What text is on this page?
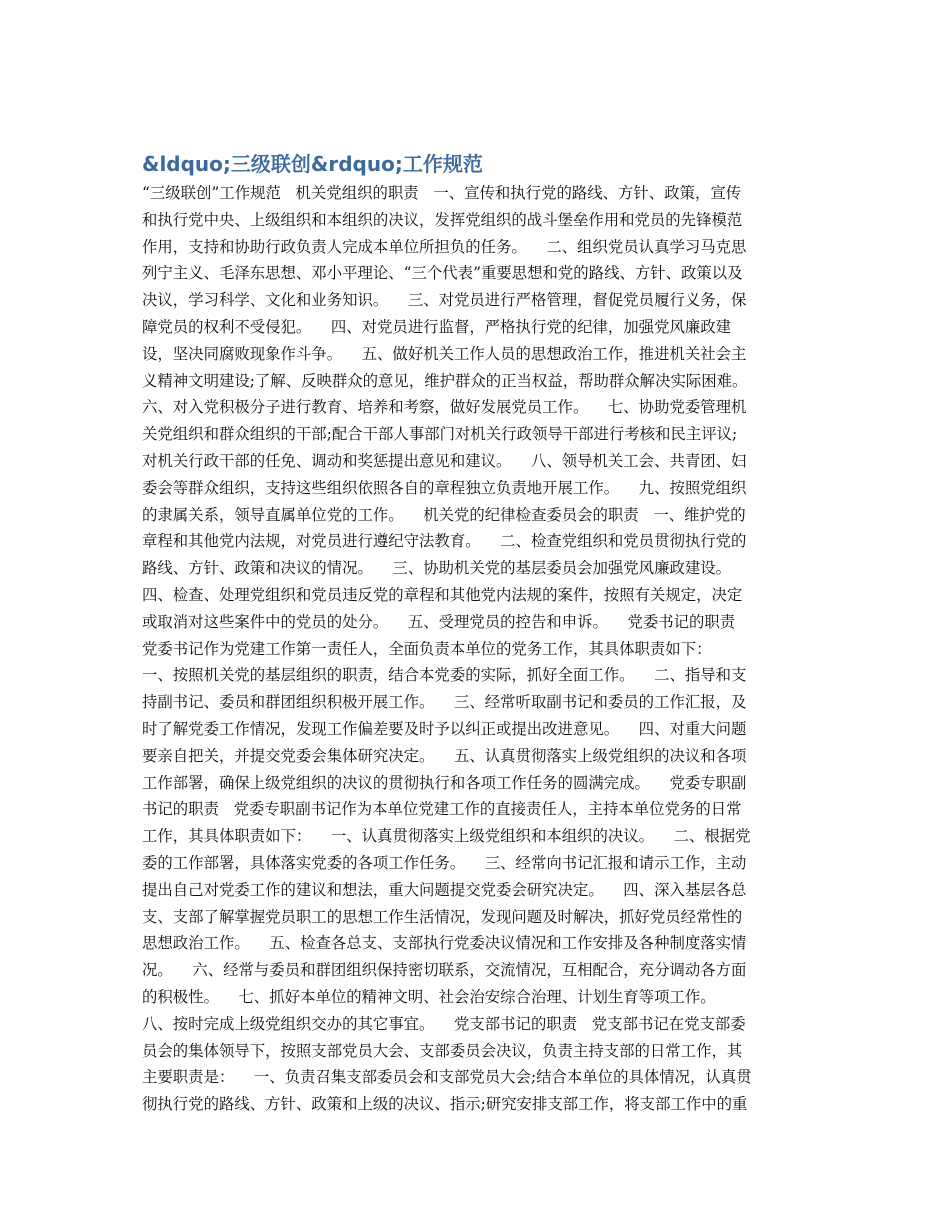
&ldquo;三级联创&rdquo;工作规范
“三级联创”工作规范   机关党组织的职责   一、宣传和执行党的路线、方针、政策，宣传
和执行党中央、上级组织和本组织的决议，发挥党组织的战斗堡垒作用和党员的先锋模范
作用，支持和协助行政负责人完成本单位所担负的任务。    二、组织党员认真学习马克思
列宁主义、毛泽东思想、邓小平理论、“三个代表”重要思想和党的路线、方针、政策以及
决议，学习科学、文化和业务知识。    三、对党员进行严格管理，督促党员履行义务，保
障党员的权利不受侵犯。    四、对党员进行监督，严格执行党的纪律，加强党风廉政建
设，坚决同腐败现象作斗争。    五、做好机关工作人员的思想政治工作，推进机关社会主
义精神文明建设;了解、反映群众的意见，维护群众的正当权益，帮助群众解决实际困难。
六、对入党积极分子进行教育、培养和考察，做好发展党员工作。    七、协助党委管理机
关党组织和群众组织的干部;配合干部人事部门对机关行政领导干部进行考核和民主评议;
对机关行政干部的任免、调动和奖惩提出意见和建议。    八、领导机关工会、共青团、妇
委会等群众组织，支持这些组织依照各自的章程独立负责地开展工作。    九、按照党组织
的隶属关系，领导直属单位党的工作。    机关党的纪律检查委员会的职责   一、维护党的
章程和其他党内法规，对党员进行遵纪守法教育。    二、检查党组织和党员贯彻执行党的
路线、方针、政策和决议的情况。    三、协助机关党的基层委员会加强党风廉政建设。
四、检查、处理党组织和党员违反党的章程和其他党内法规的案件，按照有关规定，决定
或取消对这些案件中的党员的处分。    五、受理党员的控告和申诉。    党委书记的职责
党委书记作为党建工作第一责任人，全面负责本单位的党务工作，其具体职责如下：
一、按照机关党的基层组织的职责，结合本党委的实际，抓好全面工作。    二、指导和支
持副书记、委员和群团组织积极开展工作。    三、经常听取副书记和委员的工作汇报，及
时了解党委工作情况，发现工作偏差要及时予以纠正或提出改进意见。    四、对重大问题
要亲自把关，并提交党委会集体研究决定。    五、认真贯彻落实上级党组织的决议和各项
工作部署，确保上级党组织的决议的贯彻执行和各项工作任务的圆满完成。    党委专职副
书记的职责   党委专职副书记作为本单位党建工作的直接责任人，主持本单位党务的日常
工作，其具体职责如下：    一、认真贯彻落实上级党组织和本组织的决议。    二、根据党
委的工作部署，具体落实党委的各项工作任务。    三、经常向书记汇报和请示工作，主动
提出自己对党委工作的建议和想法，重大问题提交党委会研究决定。    四、深入基层各总
支、支部了解掌握党员职工的思想工作生活情况，发现问题及时解决，抓好党员经常性的
思想政治工作。    五、检查各总支、支部执行党委决议情况和工作安排及各种制度落实情
况。    六、经常与委员和群团组织保持密切联系，交流情况，互相配合，充分调动各方面
的积极性。    七、抓好本单位的精神文明、社会治安综合治理、计划生育等项工作。
八、按时完成上级党组织交办的其它事宜。    党支部书记的职责   党支部书记在党支部委
员会的集体领导下，按照支部党员大会、支部委员会决议，负责主持支部的日常工作，其
主要职责是：    一、负责召集支部委员会和支部党员大会;结合本单位的具体情况，认真贯
彻执行党的路线、方针、政策和上级的决议、指示;研究安排支部工作，将支部工作中的重
